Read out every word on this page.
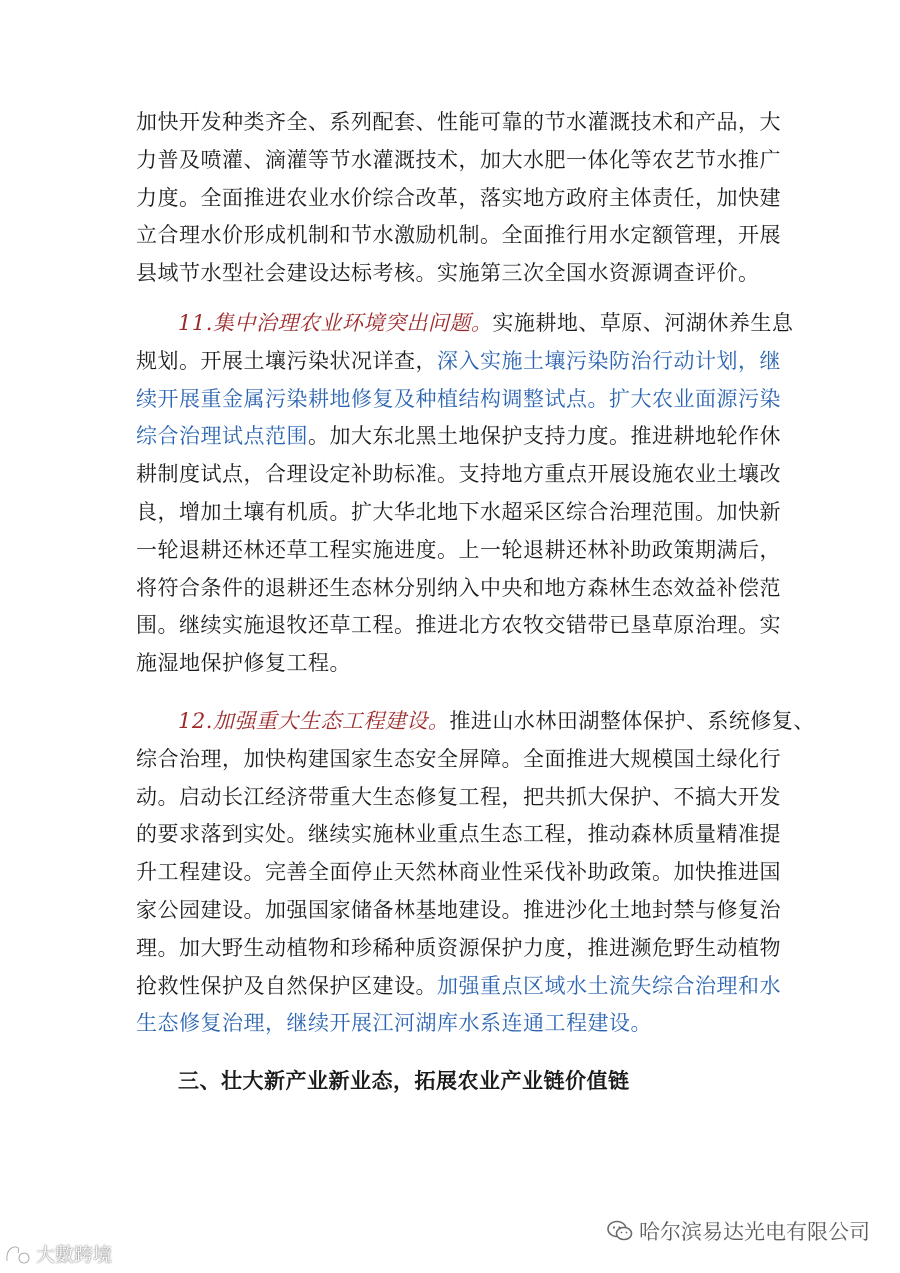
加快开发种类齐全、系列配套、性能可靠的节水灌溉技术和产品，大
力普及喷灌、滴灌等节水灌溉技术，加大水肥一体化等农艺节水推广
力度。全面推进农业水价综合改革，落实地方政府主体责任，加快建
立合理水价形成机制和节水激励机制。全面推行用水定额管理，开展
县域节水型社会建设达标考核。实施第三次全国水资源调查评价。
11.集中治理农业环境突出问题。实施耕地、草原、河湖休养生息
规划。开展土壤污染状况详查，深入实施土壤污染防治行动计划，继
续开展重金属污染耕地修复及种植结构调整试点。扩大农业面源污染
综合治理试点范围。加大东北黑土地保护支持力度。推进耕地轮作休
耕制度试点，合理设定补助标准。支持地方重点开展设施农业土壤改
良，增加土壤有机质。扩大华北地下水超采区综合治理范围。加快新
一轮退耕还林还草工程实施进度。上一轮退耕还林补助政策期满后，
将符合条件的退耕还生态林分别纳入中央和地方森林生态效益补偿范
围。继续实施退牧还草工程。推进北方农牧交错带已垦草原治理。实
施湿地保护修复工程。
12.加强重大生态工程建设。推进山水林田湖整体保护、系统修复、
综合治理，加快构建国家生态安全屏障。全面推进大规模国土绿化行
动。启动长江经济带重大生态修复工程，把共抓大保护、不搞大开发
的要求落到实处。继续实施林业重点生态工程，推动森林质量精准提
升工程建设。完善全面停止天然林商业性采伐补助政策。加快推进国
家公园建设。加强国家储备林基地建设。推进沙化土地封禁与修复治
理。加大野生动植物和珍稀种质资源保护力度，推进濒危野生动植物
抢救性保护及自然保护区建设。加强重点区域水土流失综合治理和水
生态修复治理，继续开展江河湖库水系连通工程建设。
三、壮大新产业新业态，拓展农业产业链价值链
哈尔滨易达光电有限公司
大數跨境
